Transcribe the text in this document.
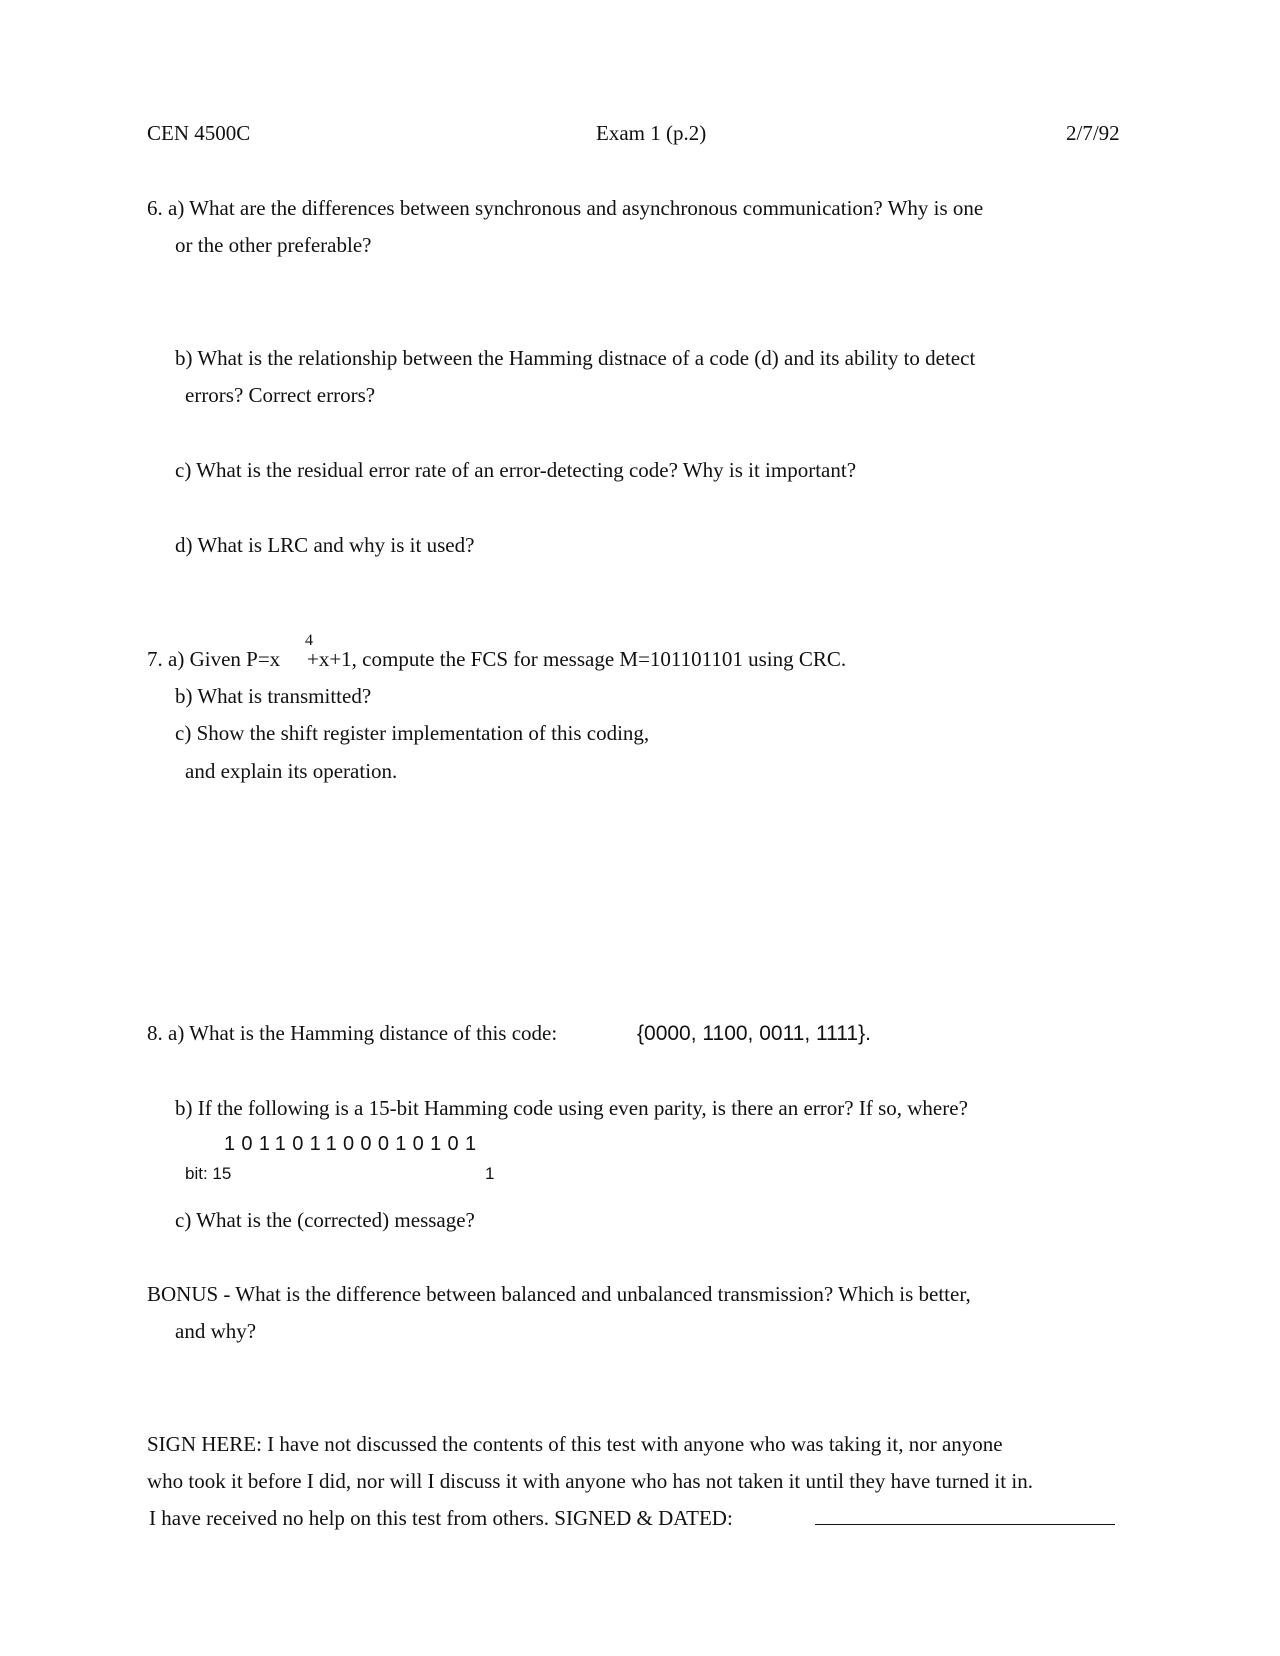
CEN 4500C	Exam 1 (p.2)	2/7/92
6. a) What are the differences between synchronous and asynchronous communication? Why is one
or the other preferable?
b) What is the relationship between the Hamming distnace of a code (d) and its ability to detect
errors? Correct errors?
c) What is the residual error rate of an error-detecting code? Why is it important?
d) What is LRC and why is it used?
4
7. a) Given P=x +x+1, compute the FCS for message M=101101101 using CRC.
b) What is transmitted?
c) Show the shift register implementation of this coding,
and explain its operation.
8. a) What is the Hamming distance of this code:	{0000, 1100, 0011, 1111}.
b) If the following is a 15-bit Hamming code using even parity, is there an error? If so, where?
101101100010101
bit: 15	1
c) What is the (corrected) message?
BONUS - What is the difference between balanced and unbalanced transmission? Which is better,
and why?
SIGN HERE: I have not discussed the contents of this test with anyone who was taking it, nor anyone
who took it before I did, nor will I discuss it with anyone who has not taken it until they have turned it in.
I have received no help on this test from others. SIGNED & DATED:
